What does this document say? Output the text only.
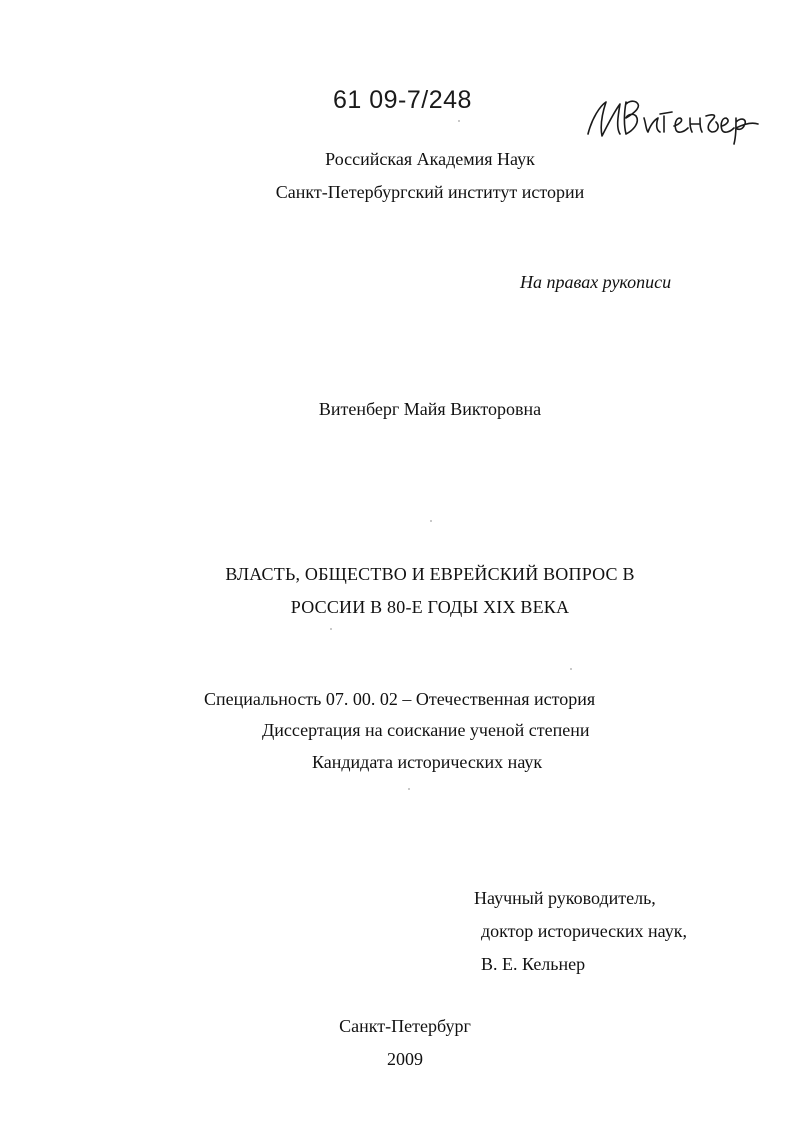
61 09-7/248
Российская Академия Наук
Санкт-Петербургский институт истории
На правах рукописи
Витенберг Майя Викторовна
ВЛАСТЬ, ОБЩЕСТВО И ЕВРЕЙСКИЙ ВОПРОС В
РОССИИ В 80-Е ГОДЫ XIX ВЕКА
Специальность 07. 00. 02 – Отечественная история
Диссертация на соискание ученой степени
Кандидата исторических наук
Научный руководитель,
доктор исторических наук,
В. Е. Кельнер
Санкт-Петербург
2009
